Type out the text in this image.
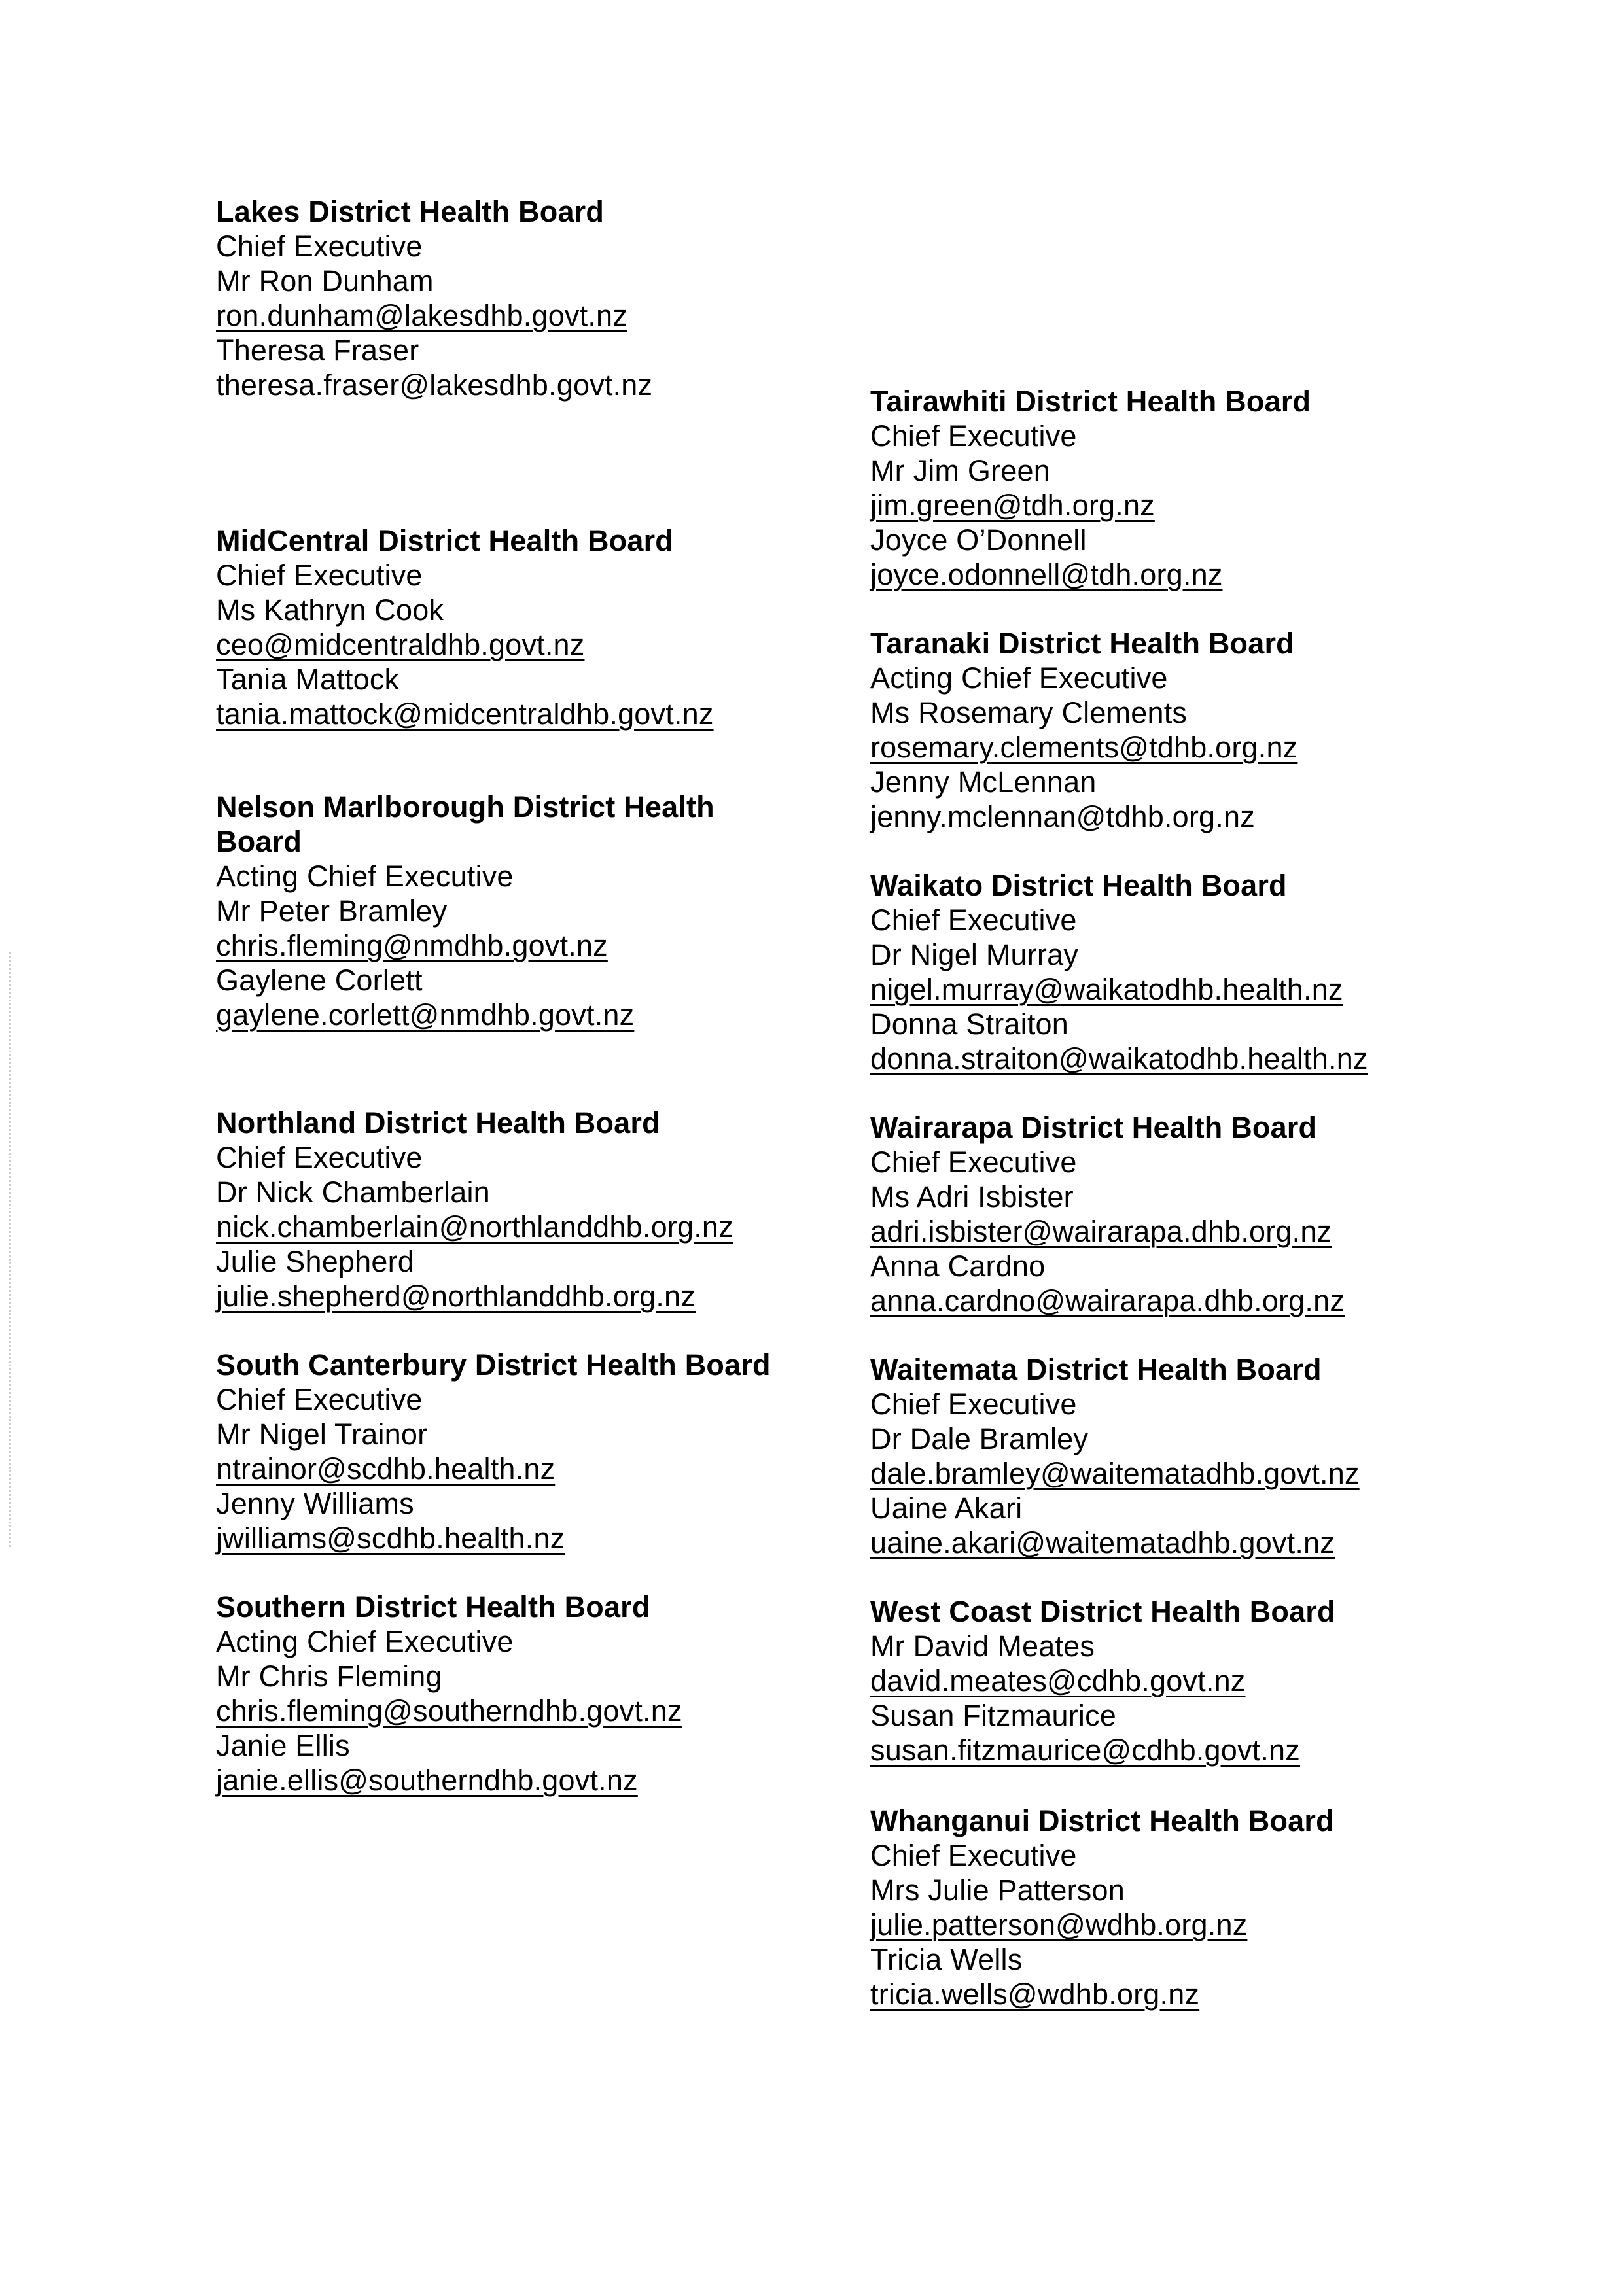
Lakes District Health Board
Chief Executive
Mr Ron Dunham
ron.dunham@lakesdhb.govt.nz
Theresa Fraser
theresa.fraser@lakesdhb.govt.nz
MidCentral District Health Board
Chief Executive
Ms Kathryn Cook
ceo@midcentraldhb.govt.nz
Tania Mattock
tania.mattock@midcentraldhb.govt.nz
Nelson Marlborough District Health
Board
Acting Chief Executive
Mr Peter Bramley
chris.fleming@nmdhb.govt.nz
Gaylene Corlett
gaylene.corlett@nmdhb.govt.nz
Northland District Health Board
Chief Executive
Dr Nick Chamberlain
nick.chamberlain@northlanddhb.org.nz
Julie Shepherd
julie.shepherd@northlanddhb.org.nz
South Canterbury District Health Board
Chief Executive
Mr Nigel Trainor
ntrainor@scdhb.health.nz
Jenny Williams
jwilliams@scdhb.health.nz
Southern District Health Board
Acting Chief Executive
Mr Chris Fleming
chris.fleming@southerndhb.govt.nz
Janie Ellis
janie.ellis@southerndhb.govt.nz
Tairawhiti District Health Board
Chief Executive
Mr Jim Green
jim.green@tdh.org.nz
Joyce O’Donnell
joyce.odonnell@tdh.org.nz
Taranaki District Health Board
Acting Chief Executive
Ms Rosemary Clements
rosemary.clements@tdhb.org.nz
Jenny McLennan
jenny.mclennan@tdhb.org.nz
Waikato District Health Board
Chief Executive
Dr Nigel Murray
nigel.murray@waikatodhb.health.nz
Donna Straiton
donna.straiton@waikatodhb.health.nz
Wairarapa District Health Board
Chief Executive
Ms Adri Isbister
adri.isbister@wairarapa.dhb.org.nz
Anna Cardno
anna.cardno@wairarapa.dhb.org.nz
Waitemata District Health Board
Chief Executive
Dr Dale Bramley
dale.bramley@waitematadhb.govt.nz
Uaine Akari
uaine.akari@waitematadhb.govt.nz
West Coast District Health Board
Mr David Meates
david.meates@cdhb.govt.nz
Susan Fitzmaurice
susan.fitzmaurice@cdhb.govt.nz
Whanganui District Health Board
Chief Executive
Mrs Julie Patterson
julie.patterson@wdhb.org.nz
Tricia Wells
tricia.wells@wdhb.org.nz
